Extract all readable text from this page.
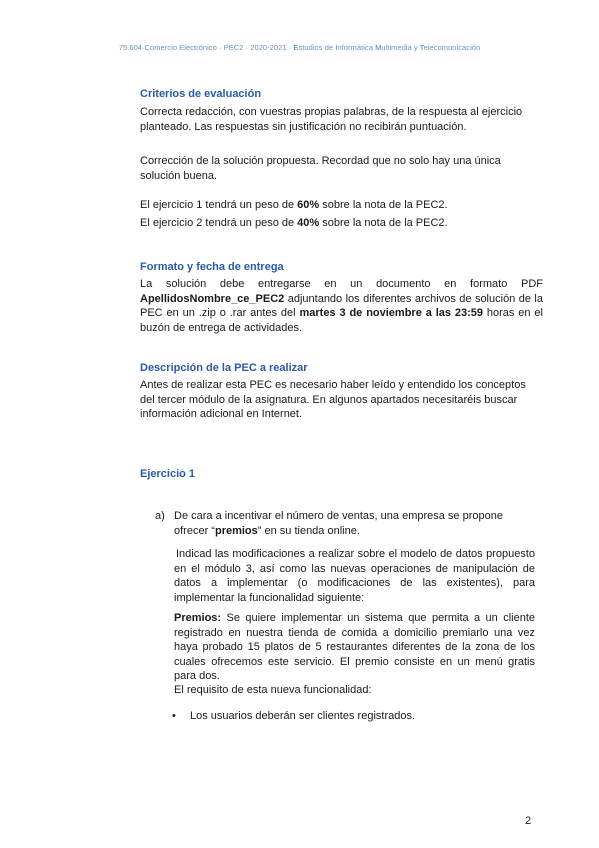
75.604·Comercio Electrónico · PEC2 · 2020-2021 · Estudios de Informática Multimedia y Telecomunicación
Criterios de evaluación
Correcta redacción, con vuestras propias palabras, de la respuesta al ejercicio planteado. Las respuestas sin justificación no recibirán puntuación.
Corrección de la solución propuesta. Recordad que no solo hay una única solución buena.
El ejercicio 1 tendrá un peso de 60% sobre la nota de la PEC2.
El ejercicio 2 tendrá un peso de 40% sobre la nota de la PEC2.
Formato y fecha de entrega
La solución debe entregarse en un documento en formato PDF ApellidosNombre_ce_PEC2 adjuntando los diferentes archivos de solución de la PEC en un .zip o .rar antes del martes 3 de noviembre a las 23:59 horas en el buzón de entrega de actividades.
Descripción de la PEC a realizar
Antes de realizar esta PEC es necesario haber leído y entendido los conceptos del tercer módulo de la asignatura. En algunos apartados necesitaréis buscar información adicional en Internet.
Ejercicio 1
a) De cara a incentivar el número de ventas, una empresa se propone
ofrecer “premios” en su tienda online.
Indicad las modificaciones a realizar sobre el modelo de datos propuesto en el módulo 3, así como las nuevas operaciones de manipulación de datos a implementar (o modificaciones de las existentes), para implementar la funcionalidad siguiente:
Premios: Se quiere implementar un sistema que permita a un cliente registrado en nuestra tienda de comida a domicilio premiarlo una vez haya probado 15 platos de 5 restaurantes diferentes de la zona de los cuales ofrecemos este servicio. El premio consiste en un menú gratis para dos.
El requisito de esta nueva funcionalidad:
• Los usuarios deberán ser clientes registrados.
2
